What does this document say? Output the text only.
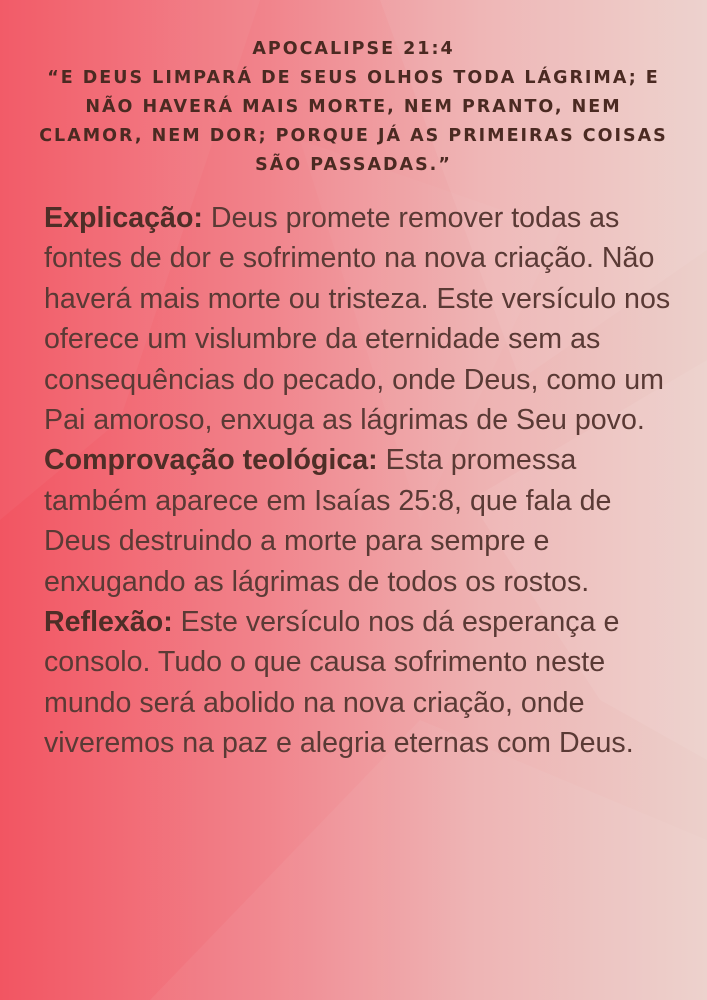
APOCALIPSE 21:4
“E DEUS LIMPARÁ DE SEUS OLHOS TODA LÁGRIMA; E NÃO HAVERÁ MAIS MORTE, NEM PRANTO, NEM CLAMOR, NEM DOR; PORQUE JÁ AS PRIMEIRAS COISAS SÃO PASSADAS.”

Explicação: Deus promete remover todas as fontes de dor e sofrimento na nova criação. Não haverá mais morte ou tristeza. Este versículo nos oferece um vislumbre da eternidade sem as consequências do pecado, onde Deus, como um Pai amoroso, enxuga as lágrimas de Seu povo.

Comprovação teológica: Esta promessa também aparece em Isaías 25:8, que fala de Deus destruindo a morte para sempre e enxugando as lágrimas de todos os rostos.

Reflexão: Este versículo nos dá esperança e consolo. Tudo o que causa sofrimento neste mundo será abolido na nova criação, onde viveremos na paz e alegria eternas com Deus.
